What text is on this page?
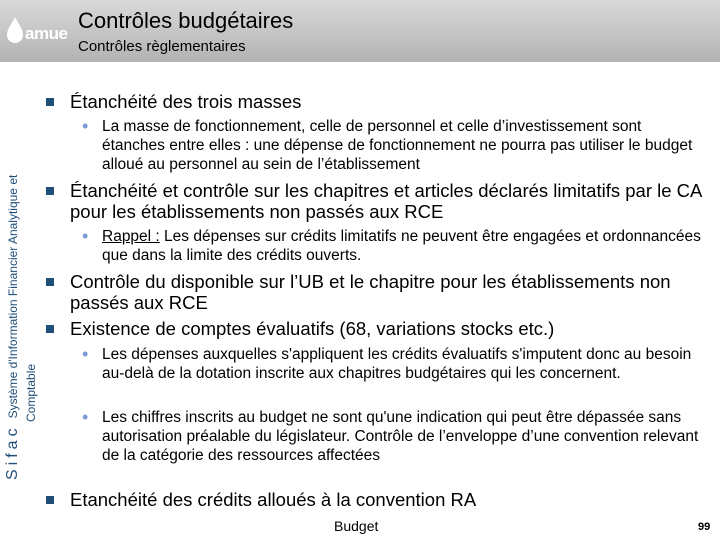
amue
Contrôles budgétaires
Contrôles règlementaires
SifacSystème d'Information Financier Analytique et Comptable
Étanchéité des trois masses
• La masse de fonctionnement, celle de personnel et celle d’investissement sont étanches entre elles : une dépense de fonctionnement ne pourra pas utiliser le budget alloué au personnel au sein de l’établissement
Étanchéité et contrôle sur les chapitres et articles déclarés limitatifs par le CA pour les établissements non passés aux RCE
• Rappel : Les dépenses sur crédits limitatifs ne peuvent être engagées et ordonnancées que dans la limite des crédits ouverts.
Contrôle du disponible sur l’UB et le chapitre pour les établissements non passés aux RCE
Existence de comptes évaluatifs (68, variations stocks etc.)
• Les dépenses auxquelles s'appliquent les crédits évaluatifs s'imputent donc au besoin au-delà de la dotation inscrite aux chapitres budgétaires qui les concernent.
• Les chiffres inscrits au budget ne sont qu'une indication qui peut être dépassée sans autorisation préalable du législateur. Contrôle de l’enveloppe d’une convention relevant de la catégorie des ressources affectées
Etanchéité des crédits alloués à la convention RA
Budget	99
